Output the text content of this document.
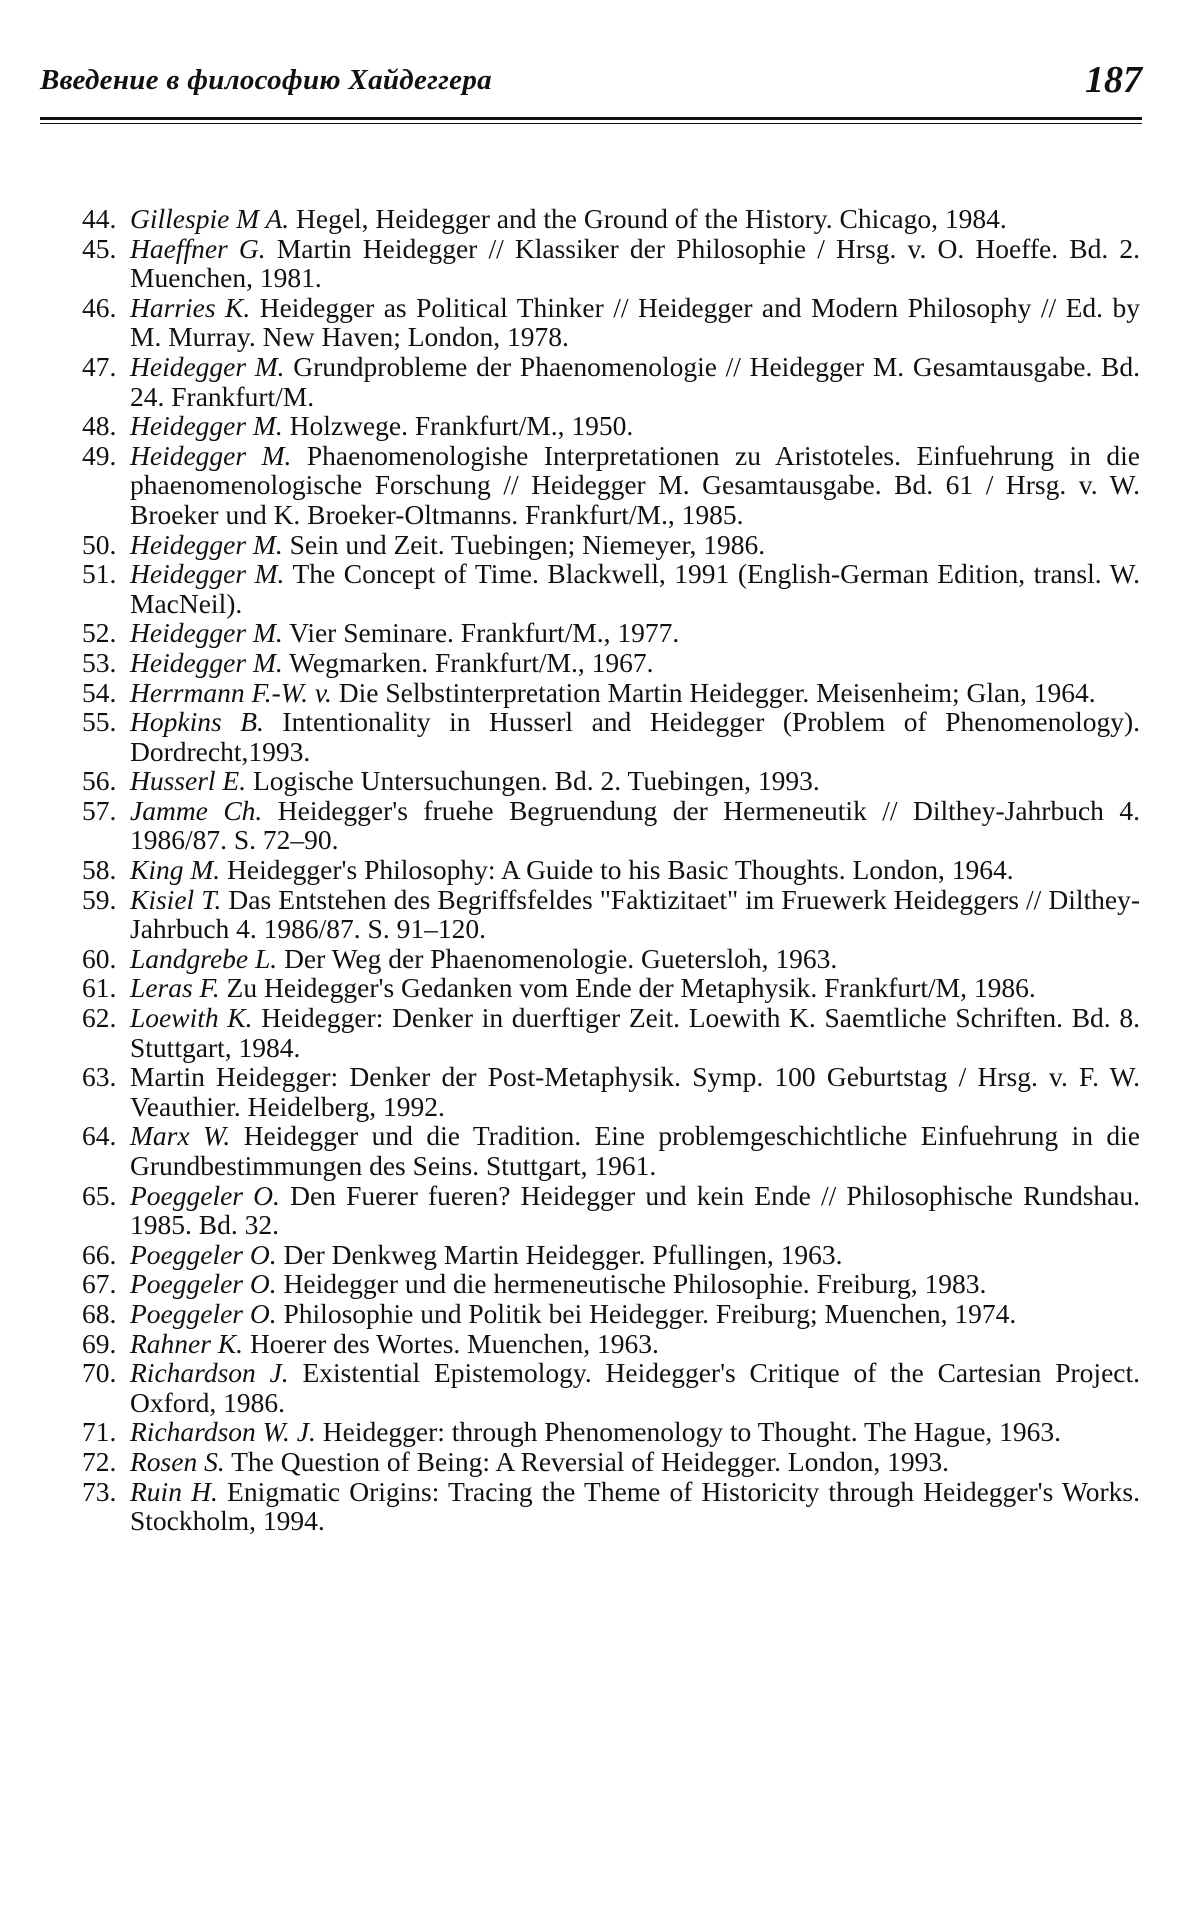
Введение в философию Хайдеггера	187
44. Gillespie M A. Hegel, Heidegger and the Ground of the History. Chicago, 1984.
45. Haeffner G. Martin Heidegger // Klassiker der Philosophie / Hrsg. v. O. Hoeffe. Bd. 2. Muenchen, 1981.
46. Harries K. Heidegger as Political Thinker // Heidegger and Modern Philosophy // Ed. by M. Murray. New Haven; London, 1978.
47. Heidegger M. Grundprobleme der Phaenomenologie // Heidegger M. Gesamtausgabe. Bd. 24. Frankfurt/M.
48. Heidegger M. Holzwege. Frankfurt/M., 1950.
49. Heidegger M. Phaenomenologishe Interpretationen zu Aristoteles. Einfuehrung in die phaenomenologische Forschung // Heidegger M. Gesamtausgabe. Bd. 61 / Hrsg. v. W. Broeker und K. Broeker-Oltmanns. Frankfurt/M., 1985.
50. Heidegger M. Sein und Zeit. Tuebingen; Niemeyer, 1986.
51. Heidegger M. The Concept of Time. Blackwell, 1991 (English-German Edition, transl. W. MacNeil).
52. Heidegger M. Vier Seminare. Frankfurt/M., 1977.
53. Heidegger M. Wegmarken. Frankfurt/M., 1967.
54. Herrmann F.-W. v. Die Selbstinterpretation Martin Heidegger. Meisenheim; Glan, 1964.
55. Hopkins B. Intentionality in Husserl and Heidegger (Problem of Phenomenology). Dordrecht,1993.
56. Husserl E. Logische Untersuchungen. Bd. 2. Tuebingen, 1993.
57. Jamme Ch. Heidegger's fruehe Begruendung der Hermeneutik // Dilthey-Jahrbuch 4. 1986/87. S. 72–90.
58. King M. Heidegger's Philosophy: A Guide to his Basic Thoughts. London, 1964.
59. Kisiel T. Das Entstehen des Begriffsfeldes "Faktizitaet" im Fruewerk Heideggers // Dilthey-Jahrbuch 4. 1986/87. S. 91–120.
60. Landgrebe L. Der Weg der Phaenomenologie. Guetersloh, 1963.
61. Leras F. Zu Heidegger's Gedanken vom Ende der Metaphysik. Frankfurt/M, 1986.
62. Loewith K. Heidegger: Denker in duerftiger Zeit. Loewith K. Saemtliche Schriften. Bd. 8. Stuttgart, 1984.
63. Martin Heidegger: Denker der Post-Metaphysik. Symp. 100 Geburtstag / Hrsg. v. F. W. Veauthier. Heidelberg, 1992.
64. Marx W. Heidegger und die Tradition. Eine problemgeschichtliche Einfuehrung in die Grundbestimmungen des Seins. Stuttgart, 1961.
65. Poeggeler O. Den Fuerer fueren? Heidegger und kein Ende // Philosophische Rundshau. 1985. Bd. 32.
66. Poeggeler O. Der Denkweg Martin Heidegger. Pfullingen, 1963.
67. Poeggeler O. Heidegger und die hermeneutische Philosophie. Freiburg, 1983.
68. Poeggeler O. Philosophie und Politik bei Heidegger. Freiburg; Muenchen, 1974.
69. Rahner K. Hoerer des Wortes. Muenchen, 1963.
70. Richardson J. Existential Epistemology. Heidegger's Critique of the Cartesian Project. Oxford, 1986.
71. Richardson W. J. Heidegger: through Phenomenology to Thought. The Hague, 1963.
72. Rosen S. The Question of Being: A Reversial of Heidegger. London, 1993.
73. Ruin H. Enigmatic Origins: Tracing the Theme of Historicity through Heidegger's Works. Stockholm, 1994.
